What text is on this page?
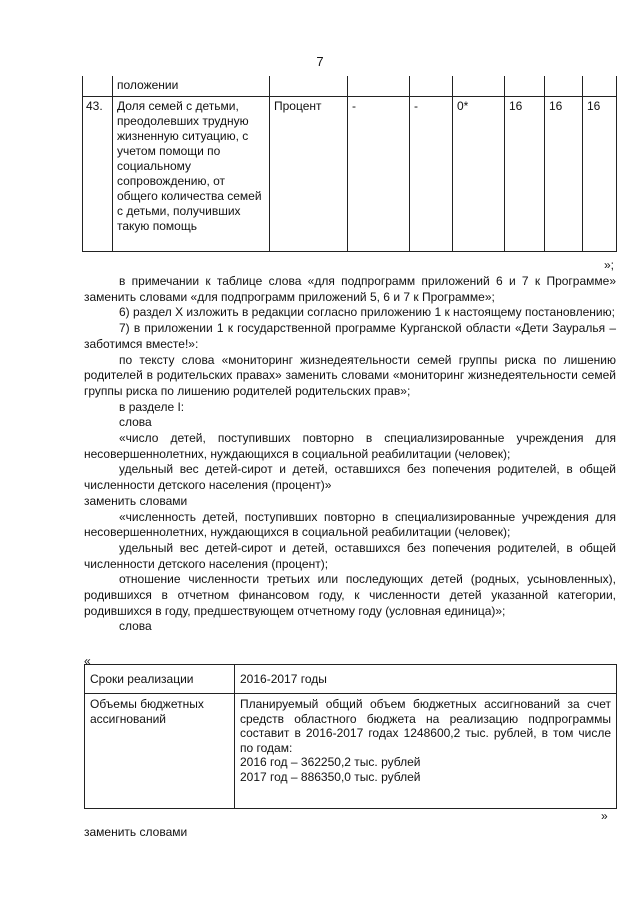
7
	положении							
43.	Доля семей с детьми, преодолевших трудную жизненную ситуацию, с учетом помощи по социальному сопровождению, от общего количества семей с детьми, получивших такую помощь	Процент	-	-	0*	16	16	16
»;

в примечании к таблице слова «для подпрограмм приложений 6 и 7 к Программе» заменить словами «для подпрограмм приложений 5, 6 и 7 к Программе»;

6) раздел X изложить в редакции согласно приложению 1 к настоящему постановлению;

7) в приложении 1 к государственной программе Курганской области «Дети Зауралья – заботимся вместе!»:

по тексту слова «мониторинг жизнедеятельности семей группы риска по лишению родителей в родительских правах» заменить словами «мониторинг жизнедеятельности семей группы риска по лишению родителей родительских прав»;

в разделе I:

слова

«число детей, поступивших повторно в специализированные учреждения для несовершеннолетних, нуждающихся в социальной реабилитации (человек);

удельный вес детей-сирот и детей, оставшихся без попечения родителей, в общей численности детского населения (процент)»

заменить словами

«численность детей, поступивших повторно в специализированные учреждения для несовершеннолетних, нуждающихся в социальной реабилитации (человек);

удельный вес детей-сирот и детей, оставшихся без попечения родителей, в общей численности детского населения (процент);

отношение численности третьих или последующих детей (родных, усыновленных), родившихся в отчетном финансовом году, к численности детей указанной категории, родившихся в году, предшествующем отчетному году (условная единица)»;

слова

«
Сроки реализации	2016-2017 годы
Объемы бюджетных ассигнований	Планируемый общий объем бюджетных ассигнований за счет средств областного бюджета на реализацию подпрограммы составит в 2016-2017 годах 1248600,2 тыс. рублей, в том числе по годам:
2016 год – 362250,2 тыс. рублей
2017 год – 886350,0 тыс. рублей
»
заменить словами
